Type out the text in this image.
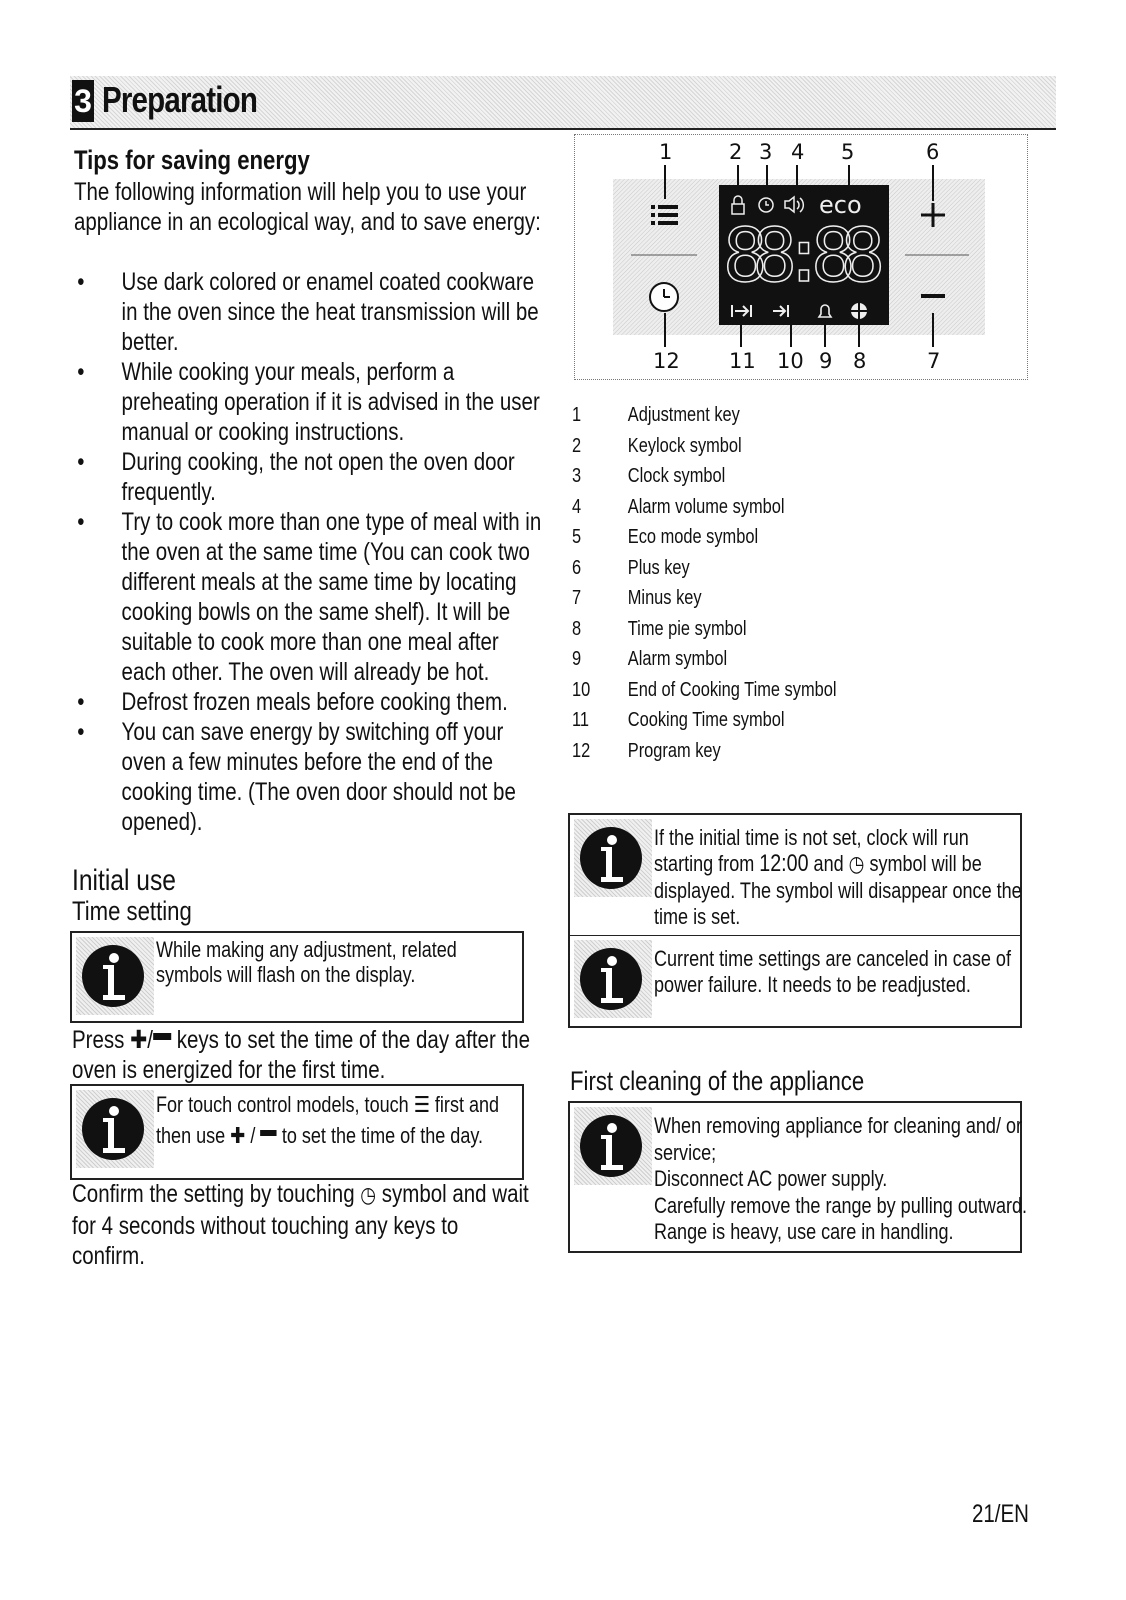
3 Preparation
Tips for saving energy
The following information will help you to use your appliance in an ecological way, and to save energy:
• Use dark colored or enamel coated cookware in the oven since the heat transmission will be better.
• While cooking your meals, perform a preheating operation if it is advised in the user manual or cooking instructions.
• During cooking, the not open the oven door frequently.
• Try to cook more than one type of meal with in the oven at the same time (You can cook two different meals at the same time by locating cooking bowls on the same shelf). It will be suitable to cook more than one meal after each other. The oven will already be hot.
• Defrost frozen meals before cooking them.
• You can save energy by switching off your oven a few minutes before the end of the cooking time. (The oven door should not be opened).
Initial use
Time setting
While making any adjustment, related
symbols will flash on the display.
Press ✚/ keys to set the time of the day after the oven is energized for the first time.
For touch control models, touch ☰ first and
then use ✚ /  to set the time of the day.
Confirm the setting by touching ◷ symbol and wait for 4 seconds without touching any keys to confirm.
1	2 3 4 5	6
12 11 10 9 8	7
eco
88:88
1 Adjustment key
2 Keylock symbol
3 Clock symbol
4 Alarm volume symbol
5 Eco mode symbol
6 Plus key
7 Minus key
8 Time pie symbol
9 Alarm symbol
10 End of Cooking Time symbol
11 Cooking Time symbol
12 Program key
If the initial time is not set, clock will run
starting from 12:00 and ◷ symbol will be
displayed. The symbol will disappear once the
time is set.
Current time settings are canceled in case of
power failure. It needs to be readjusted.
First cleaning of the appliance
When removing appliance for cleaning and/ or
service;
Disconnect AC power supply.
Carefully remove the range by pulling outward.
Range is heavy, use care in handling.
21/EN
